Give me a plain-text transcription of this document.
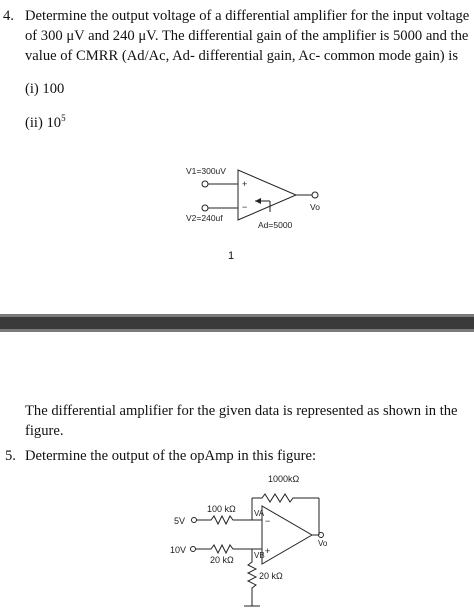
4. Determine the output voltage of a differential amplifier for the input voltage
of 300 μV and 240 μV. The differential gain of the amplifier is 5000 and the
value of CMRR (Ad/Ac, Ad- differential gain, Ac- common mode gain) is
(i) 100
(ii) $10^5$
V1=300uV
V2=240uf
+
−	Vo
Ad=5000
1
The differential amplifier for the given data is represented as shown in the
figure.
5. Determine the output of the opAmp in this figure:
1000kΩ
100 kΩ
5V
VA
−
+
Vo
10V
20 kΩ	VB
20 kΩ
